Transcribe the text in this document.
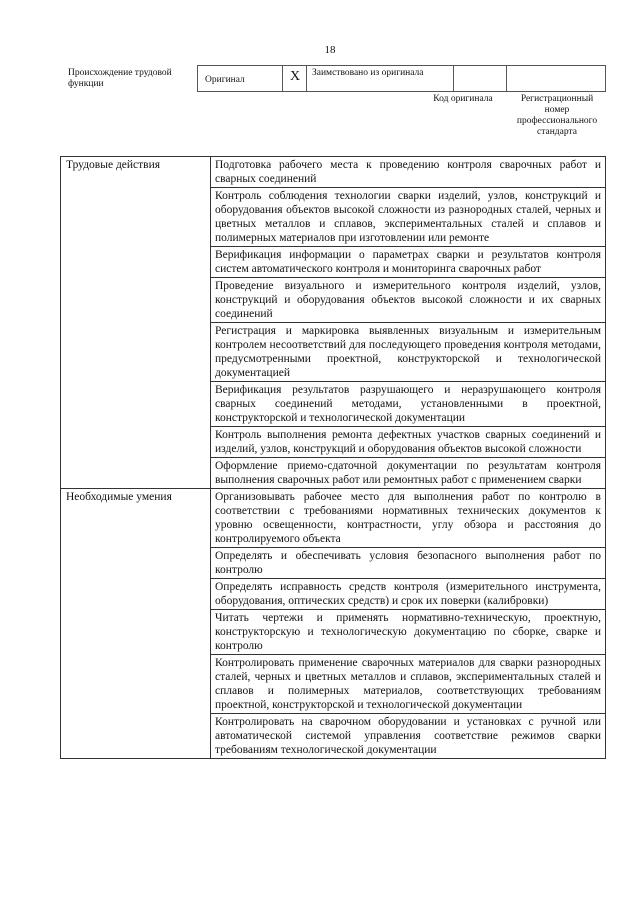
18
Происхождение трудовой функции	Оригинал	X	Заимствовано из оригинала
Код оригинала	Регистрационный номер профессионального стандарта
Трудовые действия	Подготовка рабочего места к проведению контроля сварочных работ и сварных соединений
	Контроль соблюдения технологии сварки изделий, узлов, конструкций и оборудования объектов высокой сложности из разнородных сталей, черных и цветных металлов и сплавов, экспериментальных сталей и сплавов и полимерных материалов при изготовлении или ремонте
	Верификация информации о параметрах сварки и результатов контроля систем автоматического контроля и мониторинга сварочных работ
	Проведение визуального и измерительного контроля изделий, узлов, конструкций и оборудования объектов высокой сложности и их сварных соединений
	Регистрация и маркировка выявленных визуальным и измерительным контролем несоответствий для последующего проведения контроля методами, предусмотренными проектной, конструкторской и технологической документацией
	Верификация результатов разрушающего и неразрушающего контроля сварных соединений методами, установленными в проектной, конструкторской и технологической документации
	Контроль выполнения ремонта дефектных участков сварных соединений и изделий, узлов, конструкций и оборудования объектов высокой сложности
	Оформление приемо-сдаточной документации по результатам контроля выполнения сварочных работ или ремонтных работ с применением сварки
Необходимые умения	Организовывать рабочее место для выполнения работ по контролю в соответствии с требованиями нормативных технических документов к уровню освещенности, контрастности, углу обзора и расстояния до контролируемого объекта
	Определять и обеспечивать условия безопасного выполнения работ по контролю
	Определять исправность средств контроля (измерительного инструмента, оборудования, оптических средств) и срок их поверки (калибровки)
	Читать чертежи и применять нормативно-техническую, проектную, конструкторскую и технологическую документацию по сборке, сварке и контролю
	Контролировать применение сварочных материалов для сварки разнородных сталей, черных и цветных металлов и сплавов, экспериментальных сталей и сплавов и полимерных материалов, соответствующих требованиям проектной, конструкторской и технологической документации
	Контролировать на сварочном оборудовании и установках с ручной или автоматической системой управления соответствие режимов сварки требованиям технологической документации
